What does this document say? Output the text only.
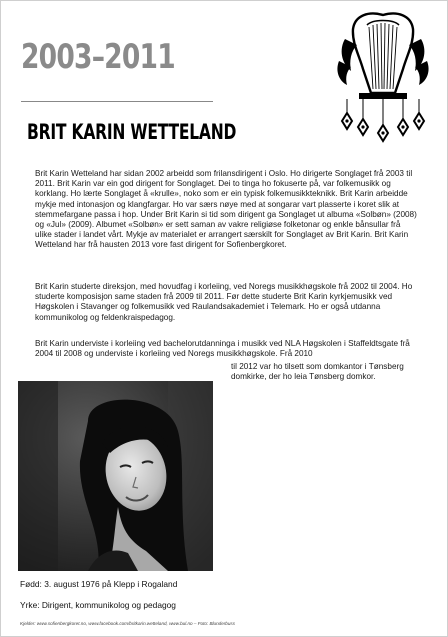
2003–2011
BRIT KARIN WETTELAND

Brit Karin Wetteland har sidan 2002 arbeidd som frilansdirigent i Oslo. Ho dirigerte Songlaget frå 2003 til 2011. Brit Karin var ein god dirigent for Songlaget. Dei to tinga ho fokuserte på, var folkemusikk og korklang. Ho lærte Songlaget å «krulle», noko som er ein typisk folkemusikkteknikk. Brit Karin arbeidde mykje med intonasjon og klangfargar. Ho var særs nøye med at songarar vart plasserte i koret slik at stemmefargane passa i hop. Under Brit Karin si tid som dirigent ga Songlaget ut albuma «Solbøn» (2008) og «Jul» (2009). Albumet «Solbøn» er sett saman av vakre religiøse folketonar og enkle bånsullar frå ulike stader i landet vårt. Mykje av materialet er arrangert særskilt for Songlaget av Brit Karin. Brit Karin Wetteland har frå hausten 2013 vore fast dirigent for Sofienbergkoret.

Brit Karin studerte direksjon, med hovudfag i korleiing, ved Noregs musikkhøgskole frå 2002 til 2004. Ho studerte komposisjon same staden frå 2009 til 2011. Før dette studerte Brit Karin kyrkjemusikk ved Høgskolen i Stavanger og folkemusikk ved Raulandsakademiet i Telemark. Ho er også utdanna kommunikolog og feldenkraispedagog.

Brit Karin underviste i korleiing ved bachelorutdanninga i musikk ved NLA Høgskolen i Staffeldtsgate frå 2004 til 2008 og underviste i korleiing ved Noregs musikkhøgskole. Frå 2010

til 2012 var ho tilsett som domkantor i Tønsberg domkirke, der ho leia Tønsberg domkor.

Fødd: 3. august 1976 på Klepp i Rogaland
Yrke: Dirigent, kommunikolog og pedagog
Kjelder: www.sofienbergkoret.no, www.facebook.com/britkarin.wetteland, www.bul.no – Foto: Blunderbuss
